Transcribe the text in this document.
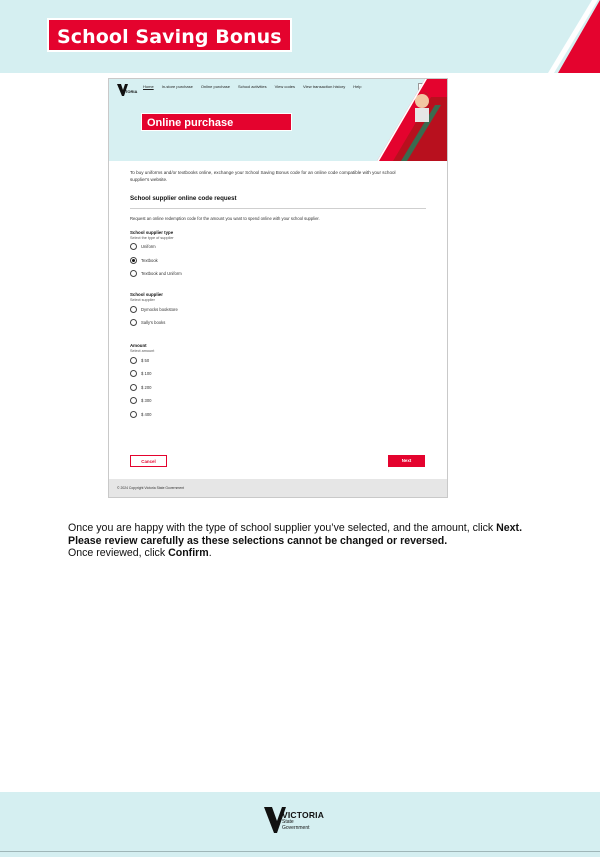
School Saving Bonus
TORIA
Home In-store purchase Online purchase School activities View codes View transaction history Help
Online purchase
To buy uniforms and/or textbooks online, exchange your School Saving Bonus code for an online code compatible with your school supplier's website.
School supplier online code request
Request an online redemption code for the amount you want to spend online with your school supplier.
School supplier type
Select the type of supplier
Uniform
Textbook
Textbook and Uniform
School supplier
Select supplier
Dymocks bookstore
Sally's books
Amount
Select amount
$ 50
$ 100
$ 200
$ 300
$ 400
Cancel	Next
© 2024 Copyright Victoria State Government
Once you are happy with the type of school supplier you’ve selected, and the amount, click Next. Please review carefully as these selections cannot be changed or reversed.
Once reviewed, click Confirm.
VICTORIA
State
Government
